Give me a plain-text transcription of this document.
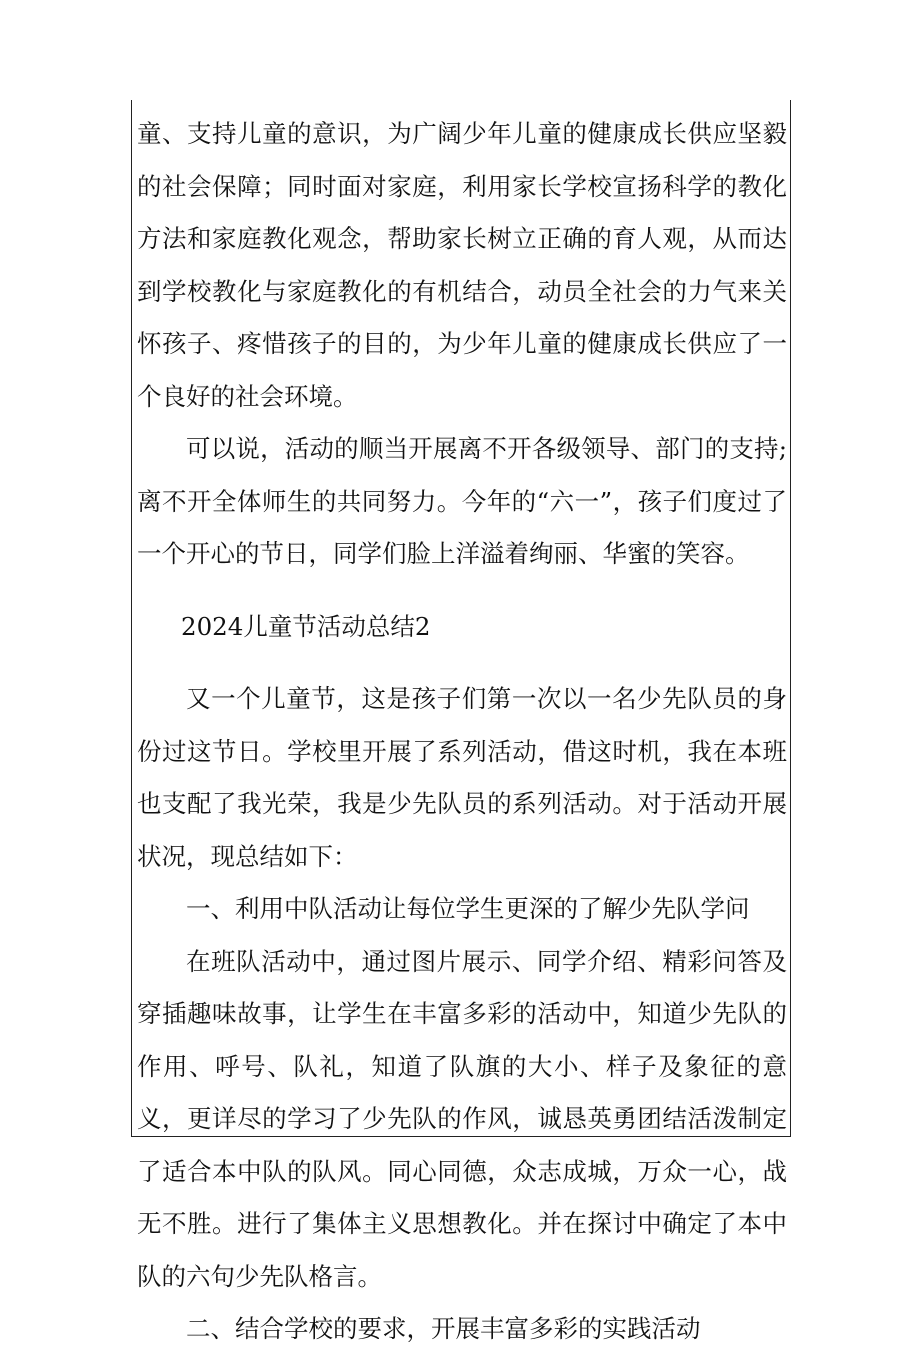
童、支持儿童的意识，为广阔少年儿童的健康成长供应坚毅的社会保障；同时面对家庭，利用家长学校宣扬科学的教化方法和家庭教化观念，帮助家长树立正确的育人观，从而达到学校教化与家庭教化的有机结合，动员全社会的力气来关怀孩子、疼惜孩子的目的，为少年儿童的健康成长供应了一个良好的社会环境。

可以说，活动的顺当开展离不开各级领导、部门的支持;离不开全体师生的共同努力。今年的“六一”，孩子们度过了一个开心的节日，同学们脸上洋溢着绚丽、华蜜的笑容。

2024儿童节活动总结2

又一个儿童节，这是孩子们第一次以一名少先队员的身份过这节日。学校里开展了系列活动，借这时机，我在本班也支配了我光荣，我是少先队员的系列活动。对于活动开展状况，现总结如下：

一、利用中队活动让每位学生更深的了解少先队学问

在班队活动中，通过图片展示、同学介绍、精彩问答及穿插趣味故事，让学生在丰富多彩的活动中，知道少先队的作用、呼号、队礼，知道了队旗的大小、样子及象征的意义，更详尽的学习了少先队的作风，诚恳英勇团结活泼制定了适合本中队的队风。同心同德，众志成城，万众一心，战无不胜。进行了集体主义思想教化。并在探讨中确定了本中队的六句少先队格言。

二、结合学校的要求，开展丰富多彩的实践活动
